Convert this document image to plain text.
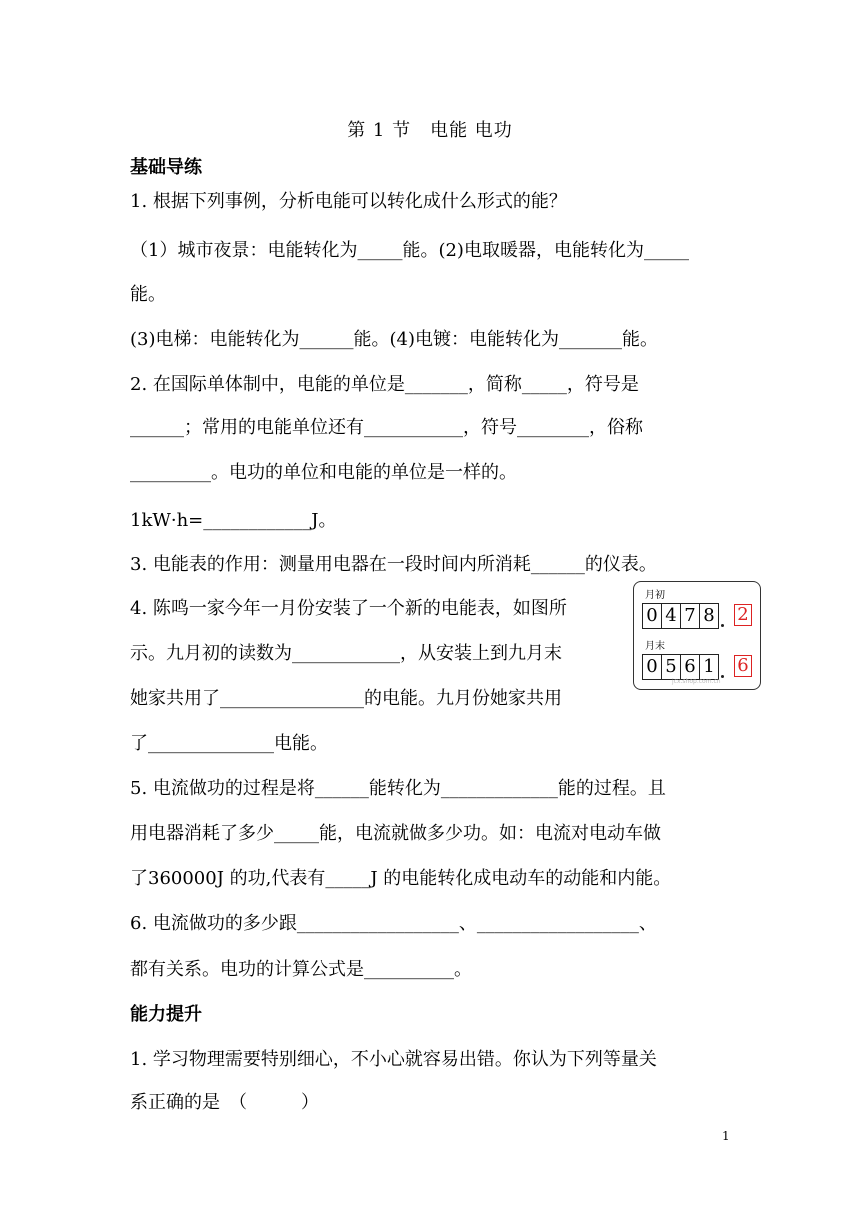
第 1 节　电能 电功
基础导练
1. 根据下列事例，分析电能可以转化成什么形式的能？
（1）城市夜景：电能转化为_____能。(2)电取暖器，电能转化为_____
能。
(3)电梯：电能转化为______能。(4)电镀：电能转化为_______能。
2. 在国际单体制中，电能的单位是_______，简称_____，符号是
______；常用的电能单位还有___________，符号________，俗称
_________。电功的单位和电能的单位是一样的。
1kW·h=____________J。
3. 电能表的作用：测量用电器在一段时间内所消耗______的仪表。
4. 陈鸣一家今年一月份安装了一个新的电能表，如图所
示。九月初的读数为____________，从安装上到九月末
她家共用了________________的电能。九月份她家共用
了______________电能。
5. 电流做功的过程是将______能转化为_____________能的过程。且
用电器消耗了多少_____能，电流就做多少功。如：电流对电动车做
了360000J 的功,代表有_____J 的电能转化成电动车的动能和内能。
6. 电流做功的多少跟__________________、__________________、
都有关系。电功的计算公式是__________。
能力提升
1. 学习物理需要特别细心，不小心就容易出错。你认为下列等量关
系正确的是　（　　　）
月初
0 4 7 8 2
月末
0 5 6 1 6
jcx.shop.com.cn
1
